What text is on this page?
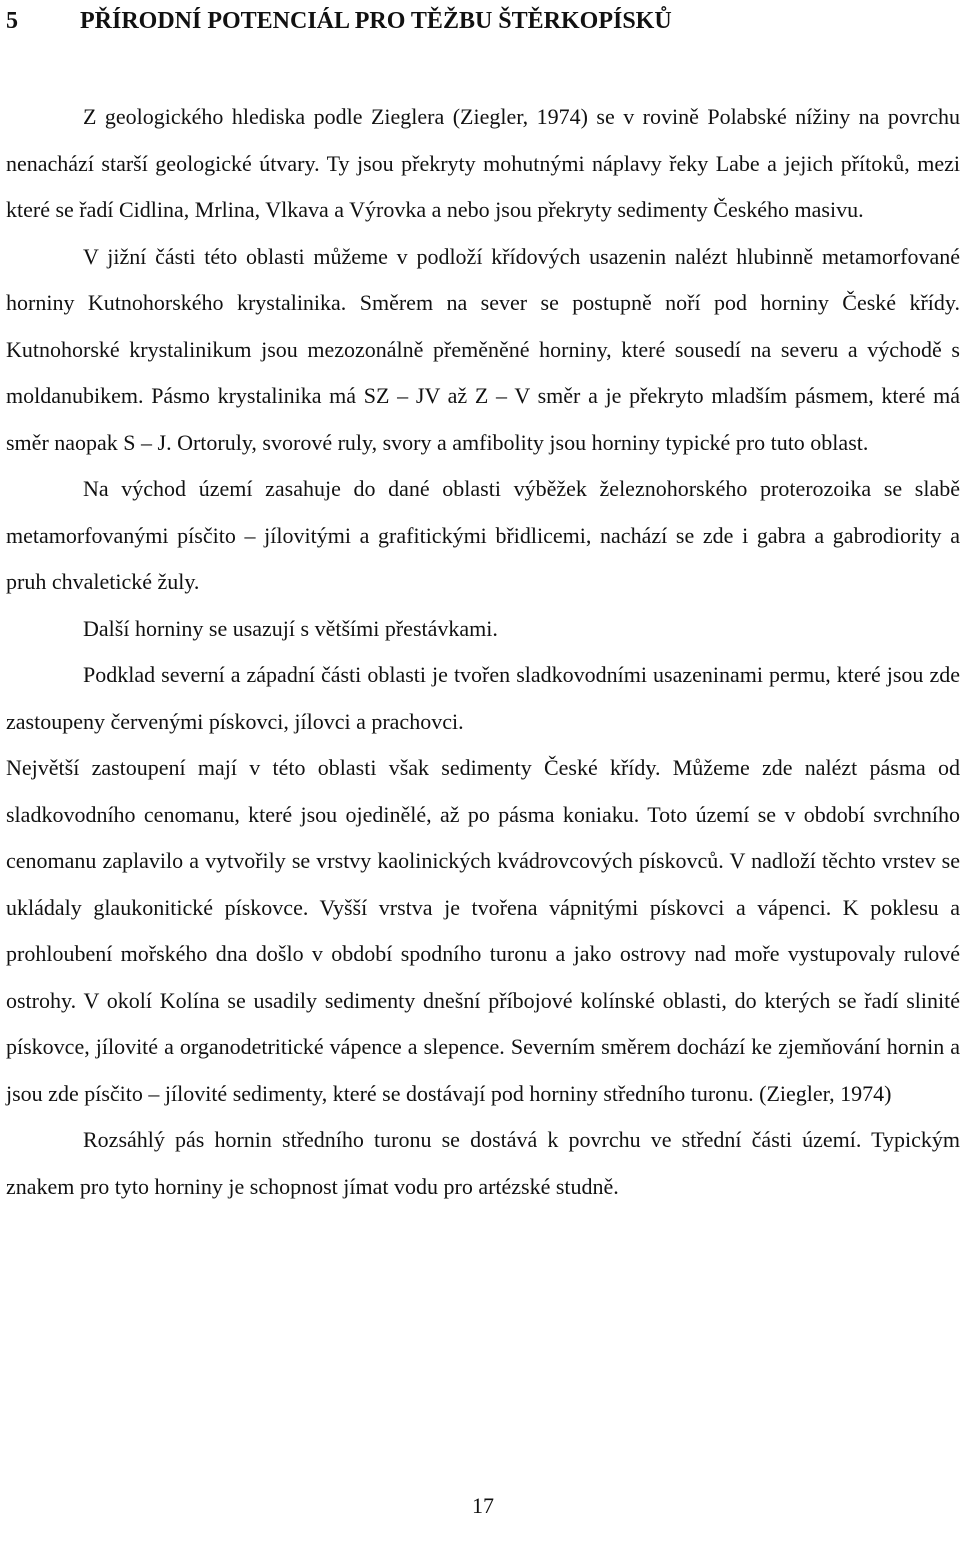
5	PŘÍRODNÍ POTENCIÁL PRO TĚŽBU ŠTĚRKOPÍSKŮ

Z geologického hlediska podle Zieglera (Ziegler, 1974) se v rovině Polabské nížiny na povrchu nenachází starší geologické útvary. Ty jsou překryty mohutnými náplavy řeky Labe a jejich přítoků, mezi které se řadí Cidlina, Mrlina, Vlkava a Výrovka a nebo jsou překryty sedimenty Českého masivu.

V jižní části této oblasti můžeme v podloží křídových usazenin nalézt hlubinně metamorfované horniny Kutnohorského krystalinika. Směrem na sever se postupně noří pod horniny České křídy. Kutnohorské krystalinikum jsou mezozonálně přeměněné horniny, které sousedí na severu a východě s moldanubikem. Pásmo krystalinika má SZ – JV až Z – V směr a je překryto mladším pásmem, které má směr naopak S – J. Ortoruly, svorové ruly, svory a amfibolity jsou horniny typické pro tuto oblast.

Na východ území zasahuje do dané oblasti výběžek železnohorského proterozoika se slabě metamorfovanými písčito – jílovitými a grafitickými břidlicemi, nachází se zde i gabra a gabrodiority a pruh chvaletické žuly.

Další horniny se usazují s většími přestávkami.

Podklad severní a západní části oblasti je tvořen sladkovodními usazeninami permu, které jsou zde zastoupeny červenými pískovci, jílovci a prachovci.

Největší zastoupení mají v této oblasti však sedimenty České křídy. Můžeme zde nalézt pásma od sladkovodního cenomanu, které jsou ojedinělé, až po pásma koniaku. Toto území se v období svrchního cenomanu zaplavilo a vytvořily se vrstvy kaolinických kvádrovcových pískovců. V nadloží těchto vrstev se ukládaly glaukonitické pískovce. Vyšší vrstva je tvořena vápnitými pískovci a vápenci. K poklesu a prohloubení mořského dna došlo v období spodního turonu a jako ostrovy nad moře vystupovaly rulové ostrohy. V okolí Kolína se usadily sedimenty dnešní příbojové kolínské oblasti, do kterých se řadí slinité pískovce, jílovité a organodetritické vápence a slepence. Severním směrem dochází ke zjemňování hornin a jsou zde písčito – jílovité sedimenty, které se dostávají pod horniny středního turonu. (Ziegler, 1974)

Rozsáhlý pás hornin středního turonu se dostává k povrchu ve střední části území. Typickým znakem pro tyto horniny je schopnost jímat vodu pro artézské studně.

17
